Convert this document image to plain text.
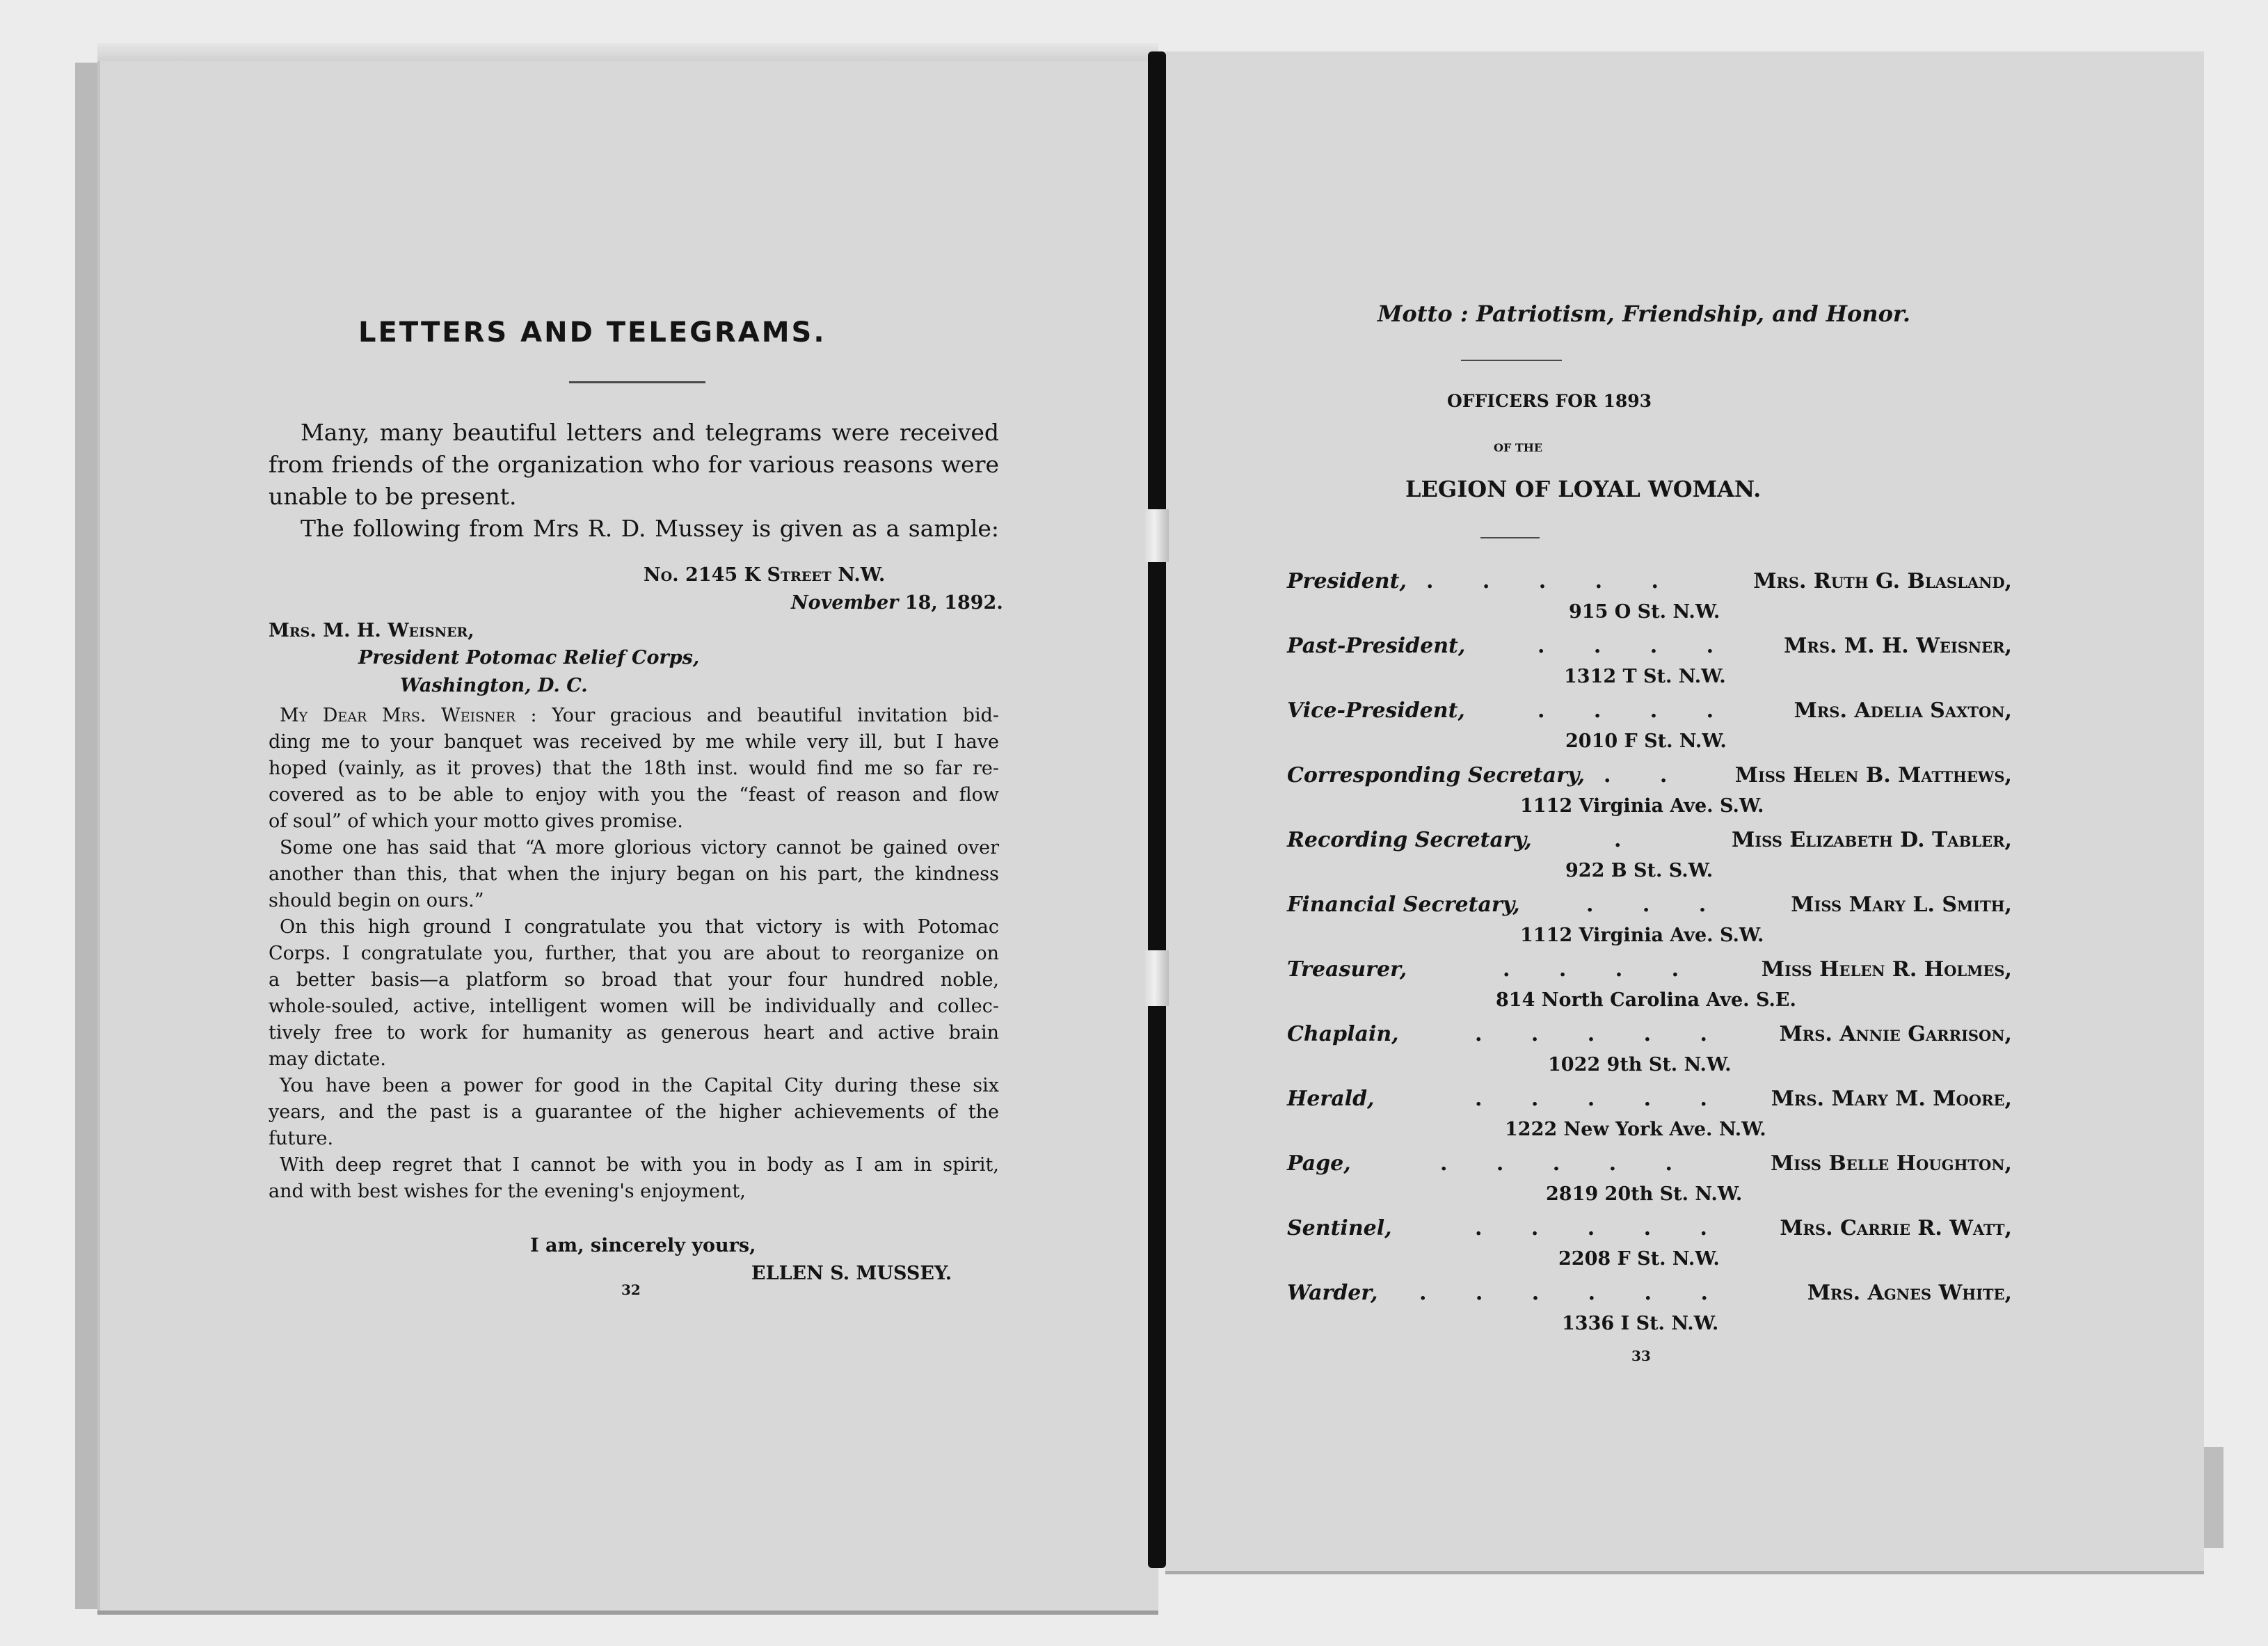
LETTERS AND TELEGRAMS.
Many, many beautiful letters and telegrams were received
from friends of the organization who for various reasons were
unable to be present.
The following from Mrs R. D. Mussey is given as a sample:
No. 2145 K Street N.W.
November 18, 1892.
Mrs. M. H. Weisner,
President Potomac Relief Corps,
Washington, D. C.
My Dear Mrs. Weisner : Your gracious and beautiful invitation bid-
ding me to your banquet was received by me while very ill, but I have
hoped (vainly, as it proves) that the 18th inst. would find me so far re-
covered as to be able to enjoy with you the “feast of reason and flow
of soul” of which your motto gives promise.
Some one has said that “A more glorious victory cannot be gained over
another than this, that when the injury began on his part, the kindness
should begin on ours.”
On this high ground I congratulate you that victory is with Potomac
Corps. I congratulate you, further, that you are about to reorganize on
a better basis—a platform so broad that your four hundred noble,
whole-souled, active, intelligent women will be individually and collec-
tively free to work for humanity as generous heart and active brain
may dictate.
You have been a power for good in the Capital City during these six
years, and the past is a guarantee of the higher achievements of the
future.
With deep regret that I cannot be with you in body as I am in spirit,
and with best wishes for the evening's enjoyment,
I am, sincerely yours,
ELLEN S. MUSSEY.
32
Motto : Patriotism, Friendship, and Honor.
OFFICERS FOR 1893
OF THE
LEGION OF LOYAL WOMAN.
President, . . . . .	Mrs. Ruth G. Blasland,
915 O St. N.W.
Past-President,	. . . . Mrs. M. H. Weisner,
1312 T St. N.W.
Vice-President,	. . . .	Mrs. Adelia Saxton,
2010 F St. N.W.
Corresponding Secretary, . . Miss Helen B. Matthews,
1112 Virginia Ave. S.W.
Recording Secretary,	.	Miss Elizabeth D. Tabler,
922 B St. S.W.
Financial Secretary,	. . .	Miss Mary L. Smith,
1112 Virginia Ave. S.W.
Treasurer,	. . . .	Miss Helen R. Holmes,
814 North Carolina Ave. S.E.
Chaplain,	. . . . . Mrs. Annie Garrison,
1022 9th St. N.W.
Herald,	. . . . . Mrs. Mary M. Moore,
1222 New York Ave. N.W.
Page,	. . . . .	Miss Belle Houghton,
2819 20th St. N.W.
Sentinel,	. . . . . Mrs. Carrie R. Watt,
2208 F St. N.W.
Warder, . . . . . .	Mrs. Agnes White,
1336 I St. N.W.
33
